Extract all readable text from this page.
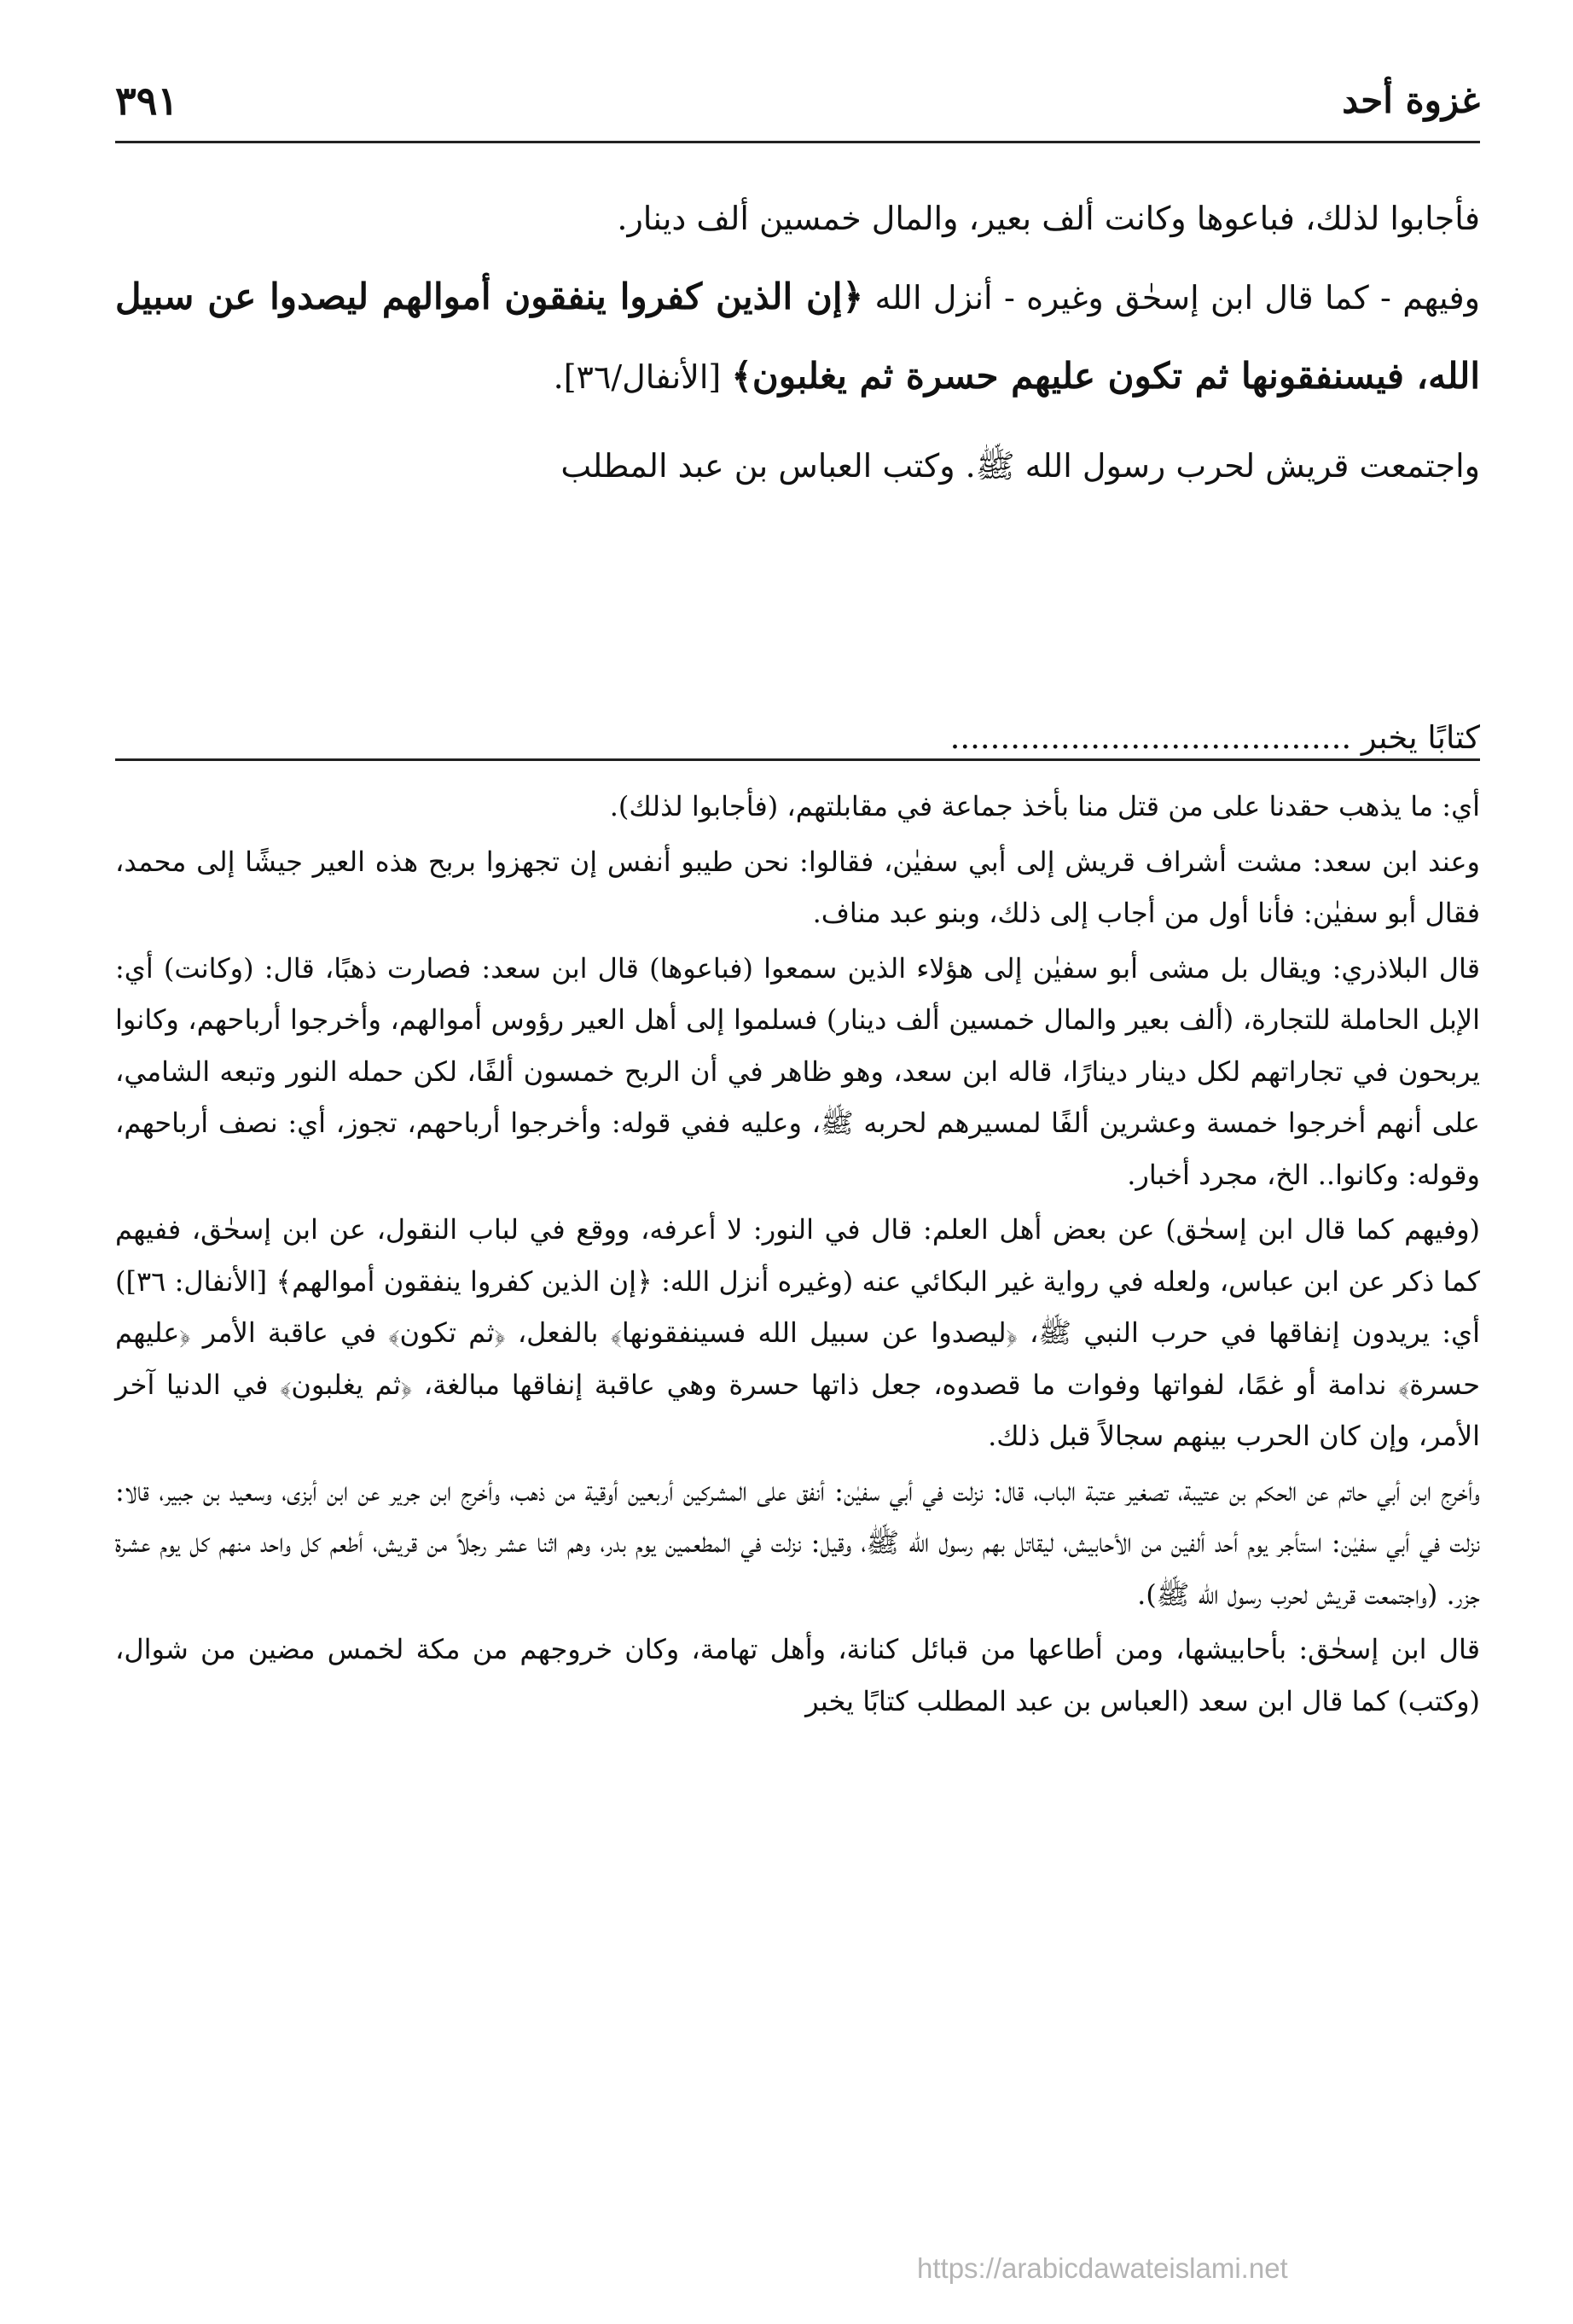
غزوة أحد
٣٩١

فأجابوا لذلك، فباعوها وكانت ألف بعير، والمال خمسين ألف دينار.

وفيهم - كما قال ابن إسحٰق وغيره - أنزل الله ﴿إن الذين كفروا ينفقون أموالهم ليصدوا عن سبيل الله، فيسنفقونها ثم تكون عليهم حسرة ثم يغلبون﴾ [الأنفال/٣٦].

واجتمعت قريش لحرب رسول الله ﷺ. وكتب العباس بن عبد المطلب

كتابًا يخبر ........................................

أي: ما يذهب حقدنا على من قتل منا بأخذ جماعة في مقابلتهم، (فأجابوا لذلك).

وعند ابن سعد: مشت أشراف قريش إلى أبي سفيٰن، فقالوا: نحن طيبو أنفس إن تجهزوا بربح هذه العير جيشًا إلى محمد، فقال أبو سفيٰن: فأنا أول من أجاب إلى ذلك، وبنو عبد مناف.

قال البلاذري: ويقال بل مشى أبو سفيٰن إلى هؤلاء الذين سمعوا (فباعوها) قال ابن سعد: فصارت ذهبًا، قال: (وكانت) أي: الإبل الحاملة للتجارة، (ألف بعير والمال خمسين ألف دينار) فسلموا إلى أهل العير رؤوس أموالهم، وأخرجوا أرباحهم، وكانوا يربحون في تجاراتهم لكل دينار دينارًا، قاله ابن سعد، وهو ظاهر في أن الربح خمسون ألفًا، لكن حمله النور وتبعه الشامي، على أنهم أخرجوا خمسة وعشرين ألفًا لمسيرهم لحربه ﷺ، وعليه ففي قوله: وأخرجوا أرباحهم، تجوز، أي: نصف أرباحهم، وقوله: وكانوا.. الخ، مجرد أخبار.

(وفيهم كما قال ابن إسحٰق) عن بعض أهل العلم: قال في النور: لا أعرفه، ووقع في لباب النقول، عن ابن إسحٰق، ففيهم كما ذكر عن ابن عباس، ولعله في رواية غير البكائي عنه (وغيره أنزل الله: ﴿إن الذين كفروا ينفقون أموالهم﴾ [الأنفال: ٣٦]) أي: يريدون إنفاقها في حرب النبي ﷺ، ﴿ليصدوا عن سبيل الله فسينفقونها﴾ بالفعل، ﴿ثم تكون﴾ في عاقبة الأمر ﴿عليهم حسرة﴾ ندامة أو غمًا، لفواتها وفوات ما قصدوه، جعل ذاتها حسرة وهي عاقبة إنفاقها مبالغة، ﴿ثم يغلبون﴾ في الدنيا آخر الأمر، وإن كان الحرب بينهم سجالاً قبل ذلك.

وأخرج ابن أبي حاتم عن الحكم بن عتيبة، تصغير عتبة الباب، قال: نزلت في أبي سفيٰن: أنفق على المشركين أربعين أوقية من ذهب، وأخرج ابن جرير عن ابن أبزى، وسعيد بن جبير، قالا: نزلت في أبي سفيٰن: استأجر يوم أحد ألفين من الأحابيش، ليقاتل بهم رسول الله ﷺ، وقيل: نزلت في المطعمين يوم بدر، وهم اثنا عشر رجلاً من قريش، أطعم كل واحد منهم كل يوم عشرة جزر. (واجتمعت قريش لحرب رسول الله ﷺ).

قال ابن إسحٰق: بأحابيشها، ومن أطاعها من قبائل كنانة، وأهل تهامة، وكان خروجهم من مكة لخمس مضين من شوال، (وكتب) كما قال ابن سعد (العباس بن عبد المطلب كتابًا يخبر

https://arabicdawateislami.net
